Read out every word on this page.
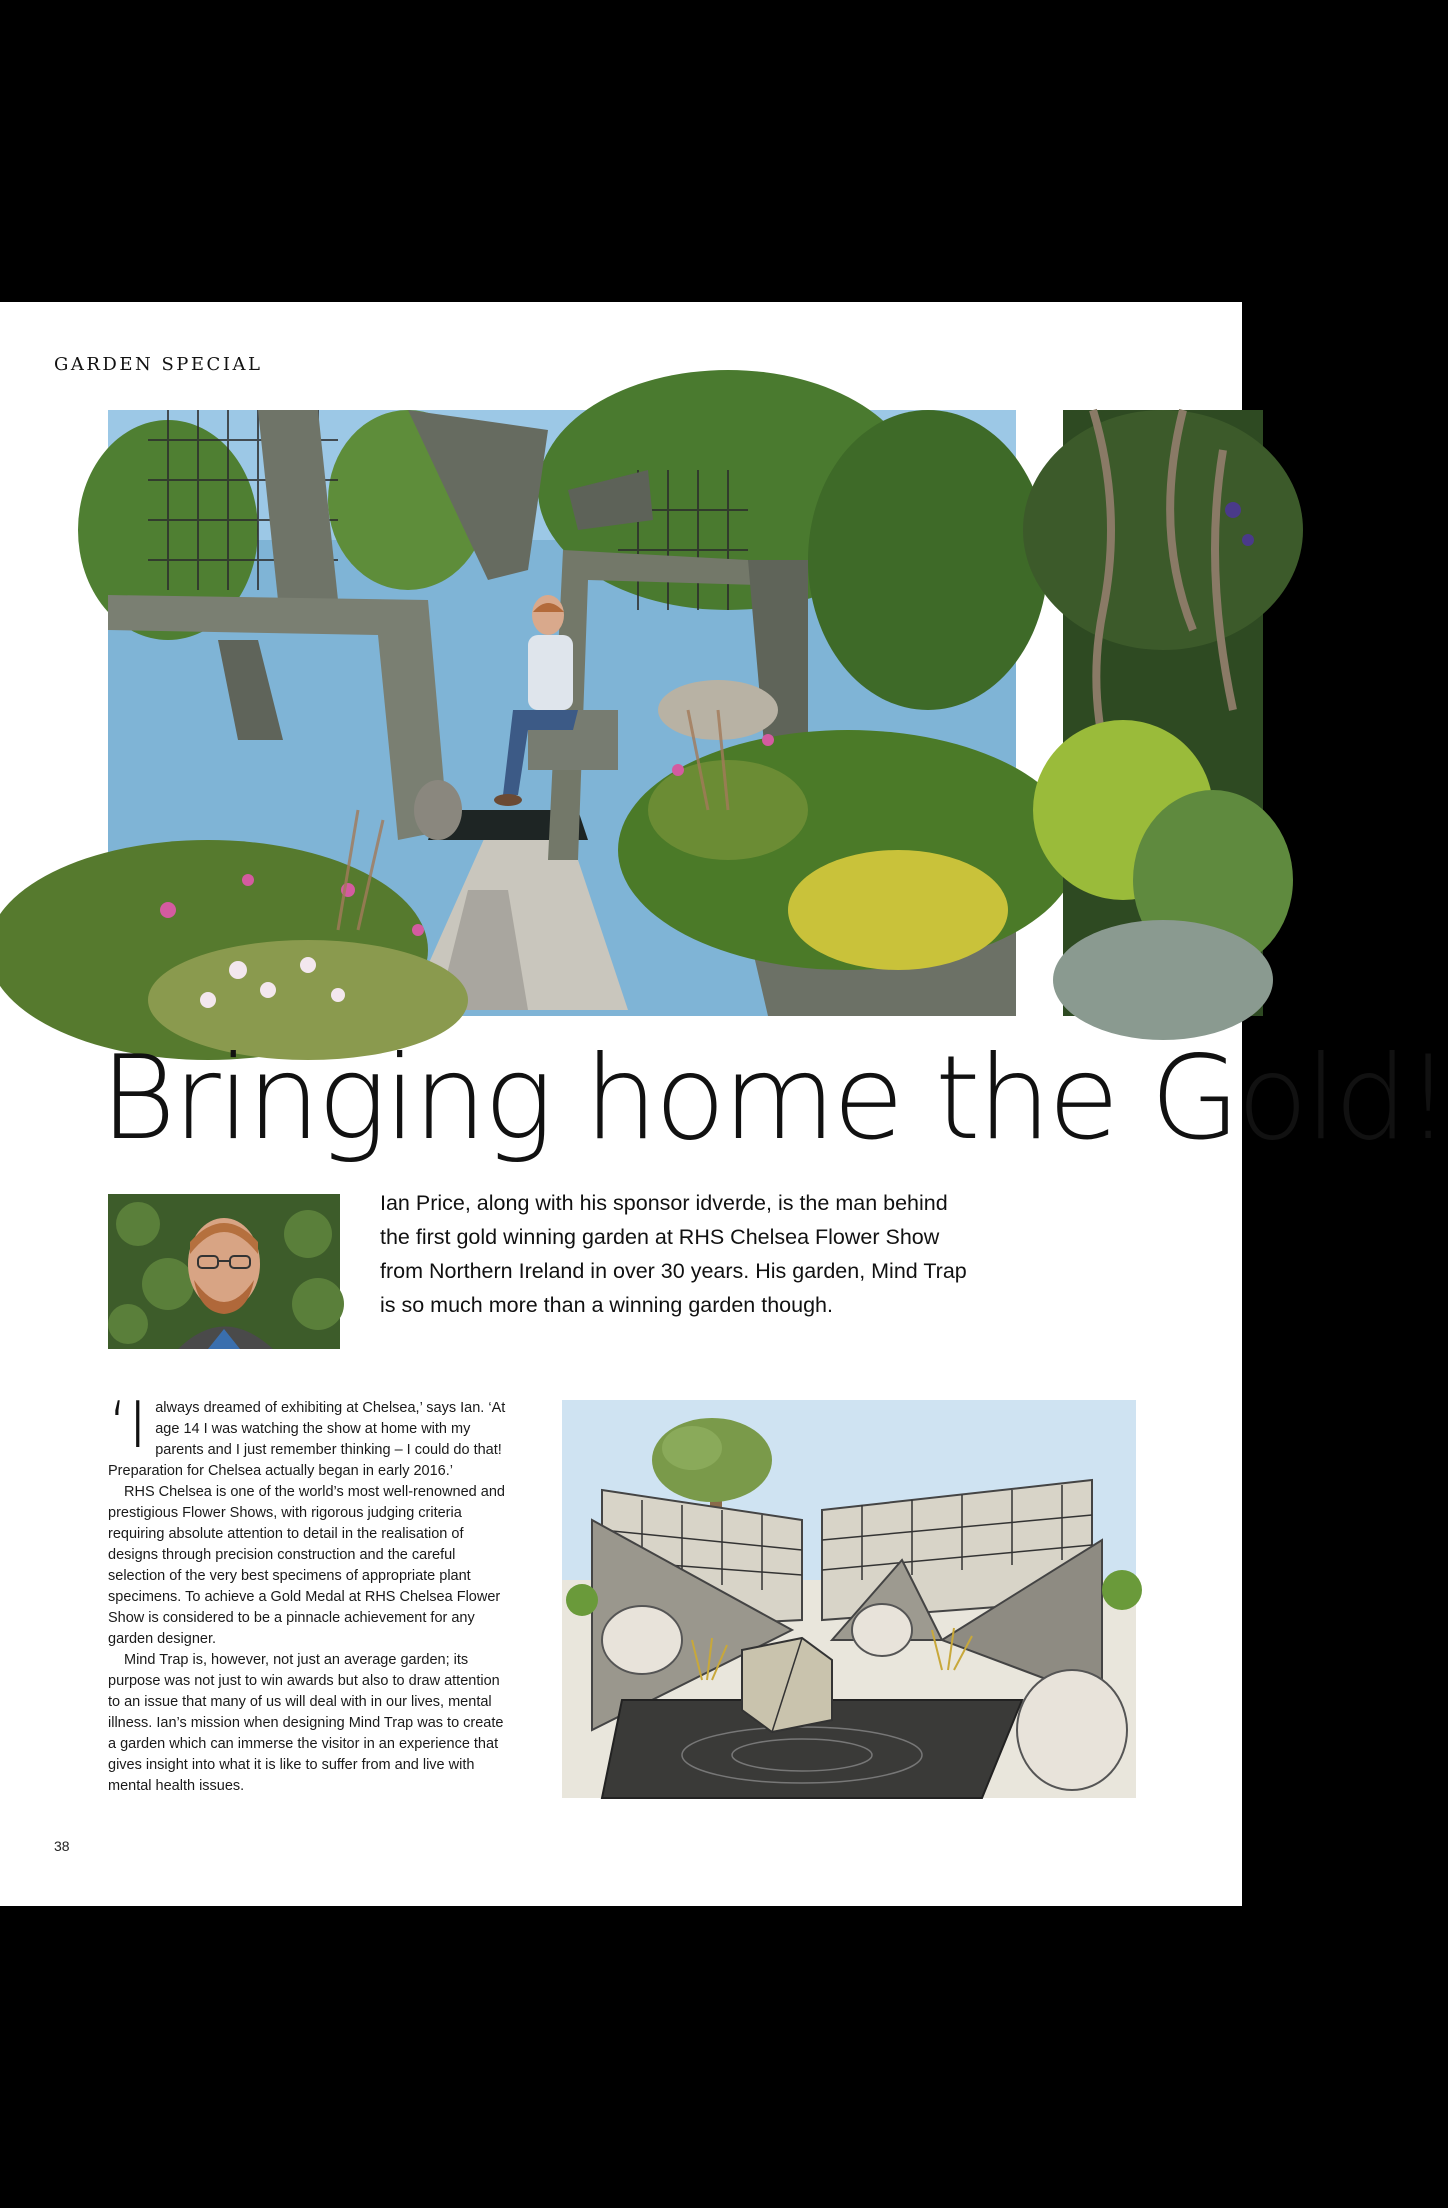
GARDEN SPECIAL
Bringing home the Gold!

Ian Price, along with his sponsor idverde, is the man behind the first gold winning garden at RHS Chelsea Flower Show from Northern Ireland in over 30 years. His garden, Mind Trap is so much more than a winning garden though.

‘I always dreamed of exhibiting at Chelsea,’ says Ian. ‘At age 14 I was watching the show at home with my parents and I just remember thinking – I could do that! Preparation for Chelsea actually began in early 2016.’

RHS Chelsea is one of the world’s most well-renowned and prestigious Flower Shows, with rigorous judging criteria requiring absolute attention to detail in the realisation of designs through precision construction and the careful selection of the very best specimens of appropriate plant specimens. To achieve a Gold Medal at RHS Chelsea Flower Show is considered to be a pinnacle achievement for any garden designer.

Mind Trap is, however, not just an average garden; its purpose was not just to win awards but also to draw attention to an issue that many of us will deal with in our lives, mental illness. Ian’s mission when designing Mind Trap was to create a garden which can immerse the visitor in an experience that gives insight into what it is like to suffer from and live with mental health issues.

38
